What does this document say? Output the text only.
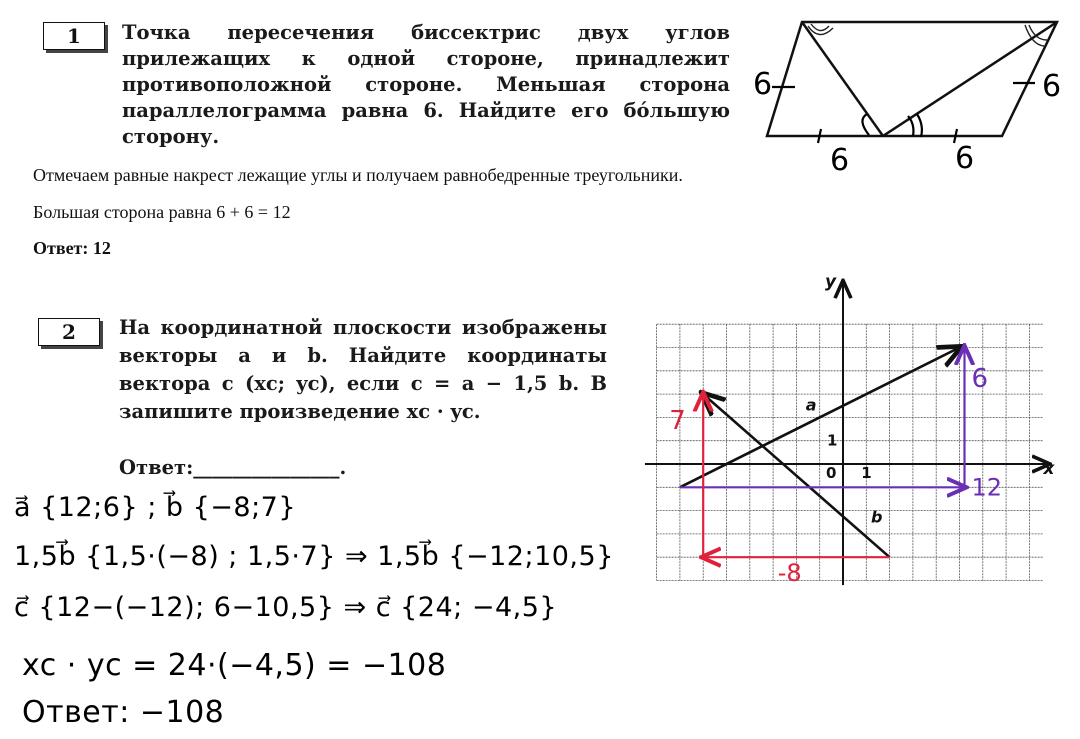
1	Точка пересечения биссектрис двух углов
прилежащих к одной стороне, принадлежит
противоположной стороне. Меньшая сторона
параллелограмма равна 6. Найдите его бóльшую сторону.
6	6
6	6
Отмечаем равные накрест лежащие углы и получаем равнобедренные треугольники.
Большая сторона равна 6 + 6 = 12
Ответ: 12
2	На координатной плоскости изображены
векторы a и b. Найдите координаты
вектора c (xc; yc), если c = a − 1,5 b. В
запишите произведение xc · yc.
Ответ:_______________.	x
y
0 1
1
a
b
12
6
-8
7
a⃗ {12;6} ; b⃗ {−8;7}
1,5b⃗ {1,5·(−8) ; 1,5·7} ⇒ 1,5b⃗ {−12;10,5}
c⃗ {12−(−12); 6−10,5} ⇒ c⃗ {24; −4,5}
xc · yc = 24·(−4,5) = −108
Ответ: −108
